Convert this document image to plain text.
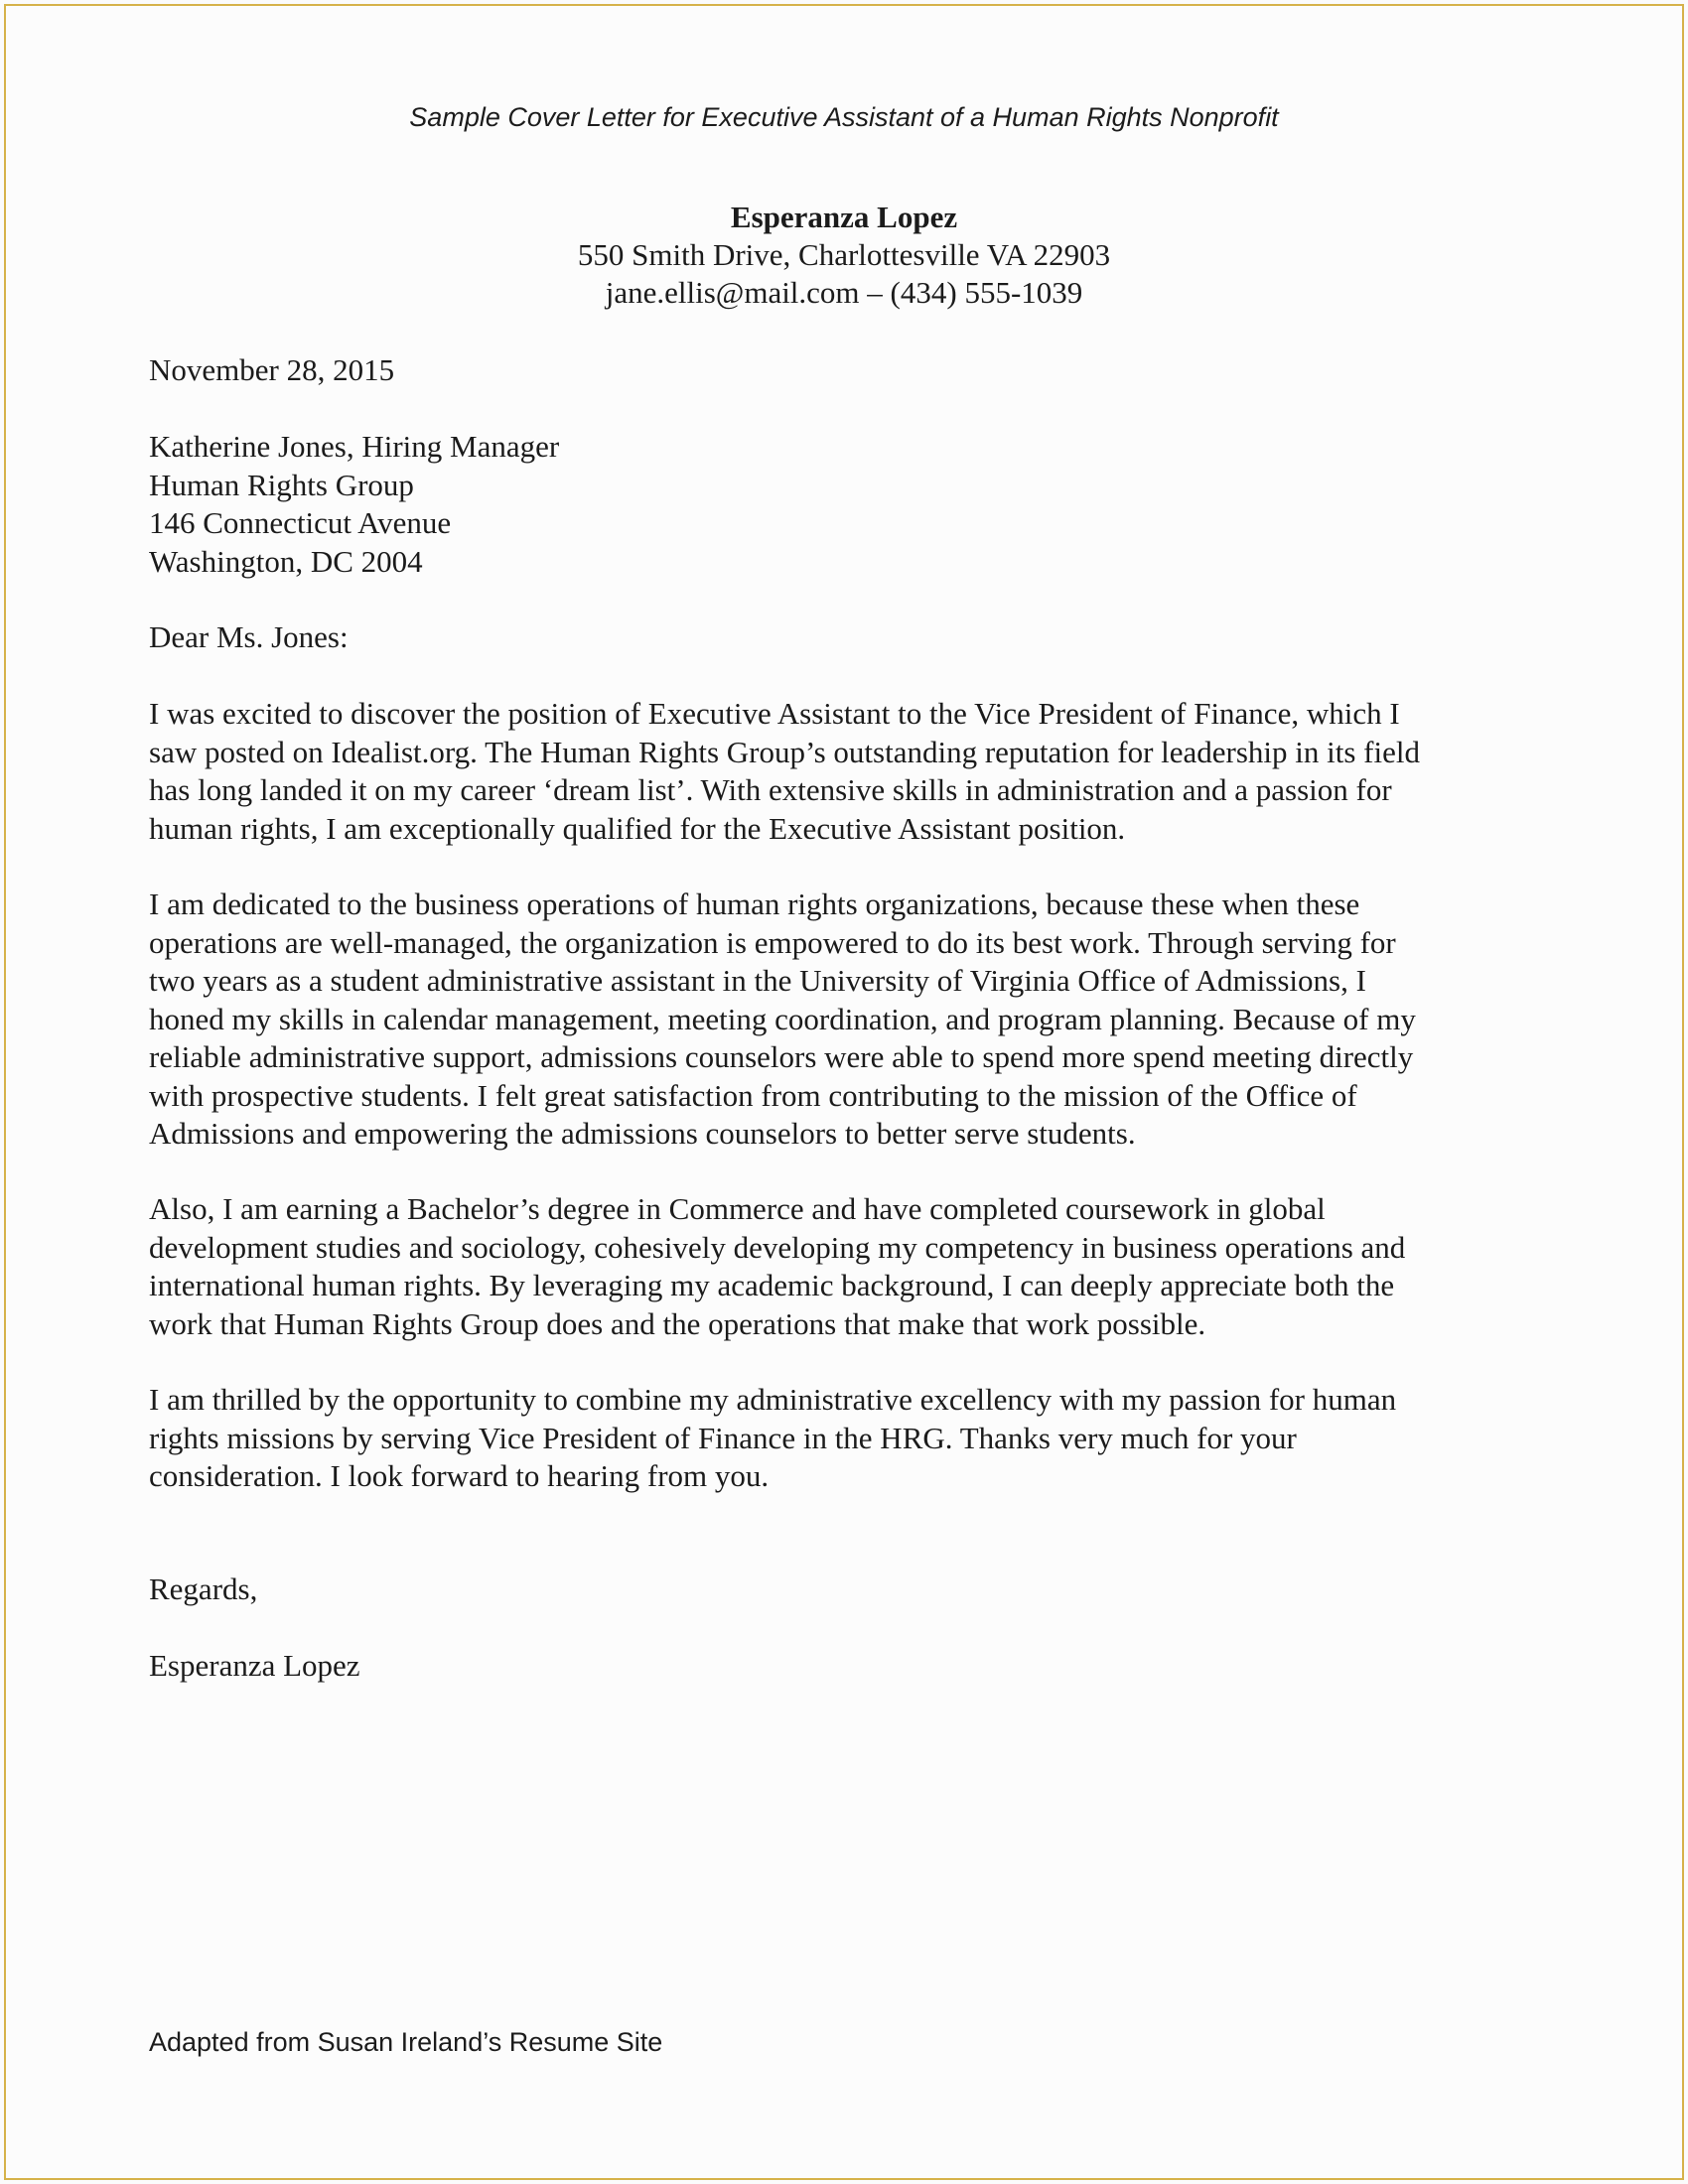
Sample Cover Letter for Executive Assistant of a Human Rights Nonprofit
Esperanza Lopez
550 Smith Drive, Charlottesville VA 22903
jane.ellis@mail.com – (434) 555-1039
November 28, 2015
Katherine Jones, Hiring Manager
Human Rights Group
146 Connecticut Avenue
Washington, DC 2004
Dear Ms. Jones:
I was excited to discover the position of Executive Assistant to the Vice President of Finance, which I
saw posted on Idealist.org. The Human Rights Group’s outstanding reputation for leadership in its field
has long landed it on my career ‘dream list’. With extensive skills in administration and a passion for
human rights, I am exceptionally qualified for the Executive Assistant position.
I am dedicated to the business operations of human rights organizations, because these when these
operations are well-managed, the organization is empowered to do its best work. Through serving for
two years as a student administrative assistant in the University of Virginia Office of Admissions, I
honed my skills in calendar management, meeting coordination, and program planning. Because of my
reliable administrative support, admissions counselors were able to spend more spend meeting directly
with prospective students. I felt great satisfaction from contributing to the mission of the Office of
Admissions and empowering the admissions counselors to better serve students.
Also, I am earning a Bachelor’s degree in Commerce and have completed coursework in global
development studies and sociology, cohesively developing my competency in business operations and
international human rights. By leveraging my academic background, I can deeply appreciate both the
work that Human Rights Group does and the operations that make that work possible.
I am thrilled by the opportunity to combine my administrative excellency with my passion for human
rights missions by serving Vice President of Finance in the HRG. Thanks very much for your
consideration. I look forward to hearing from you.
Regards,
Esperanza Lopez
Adapted from Susan Ireland’s Resume Site
